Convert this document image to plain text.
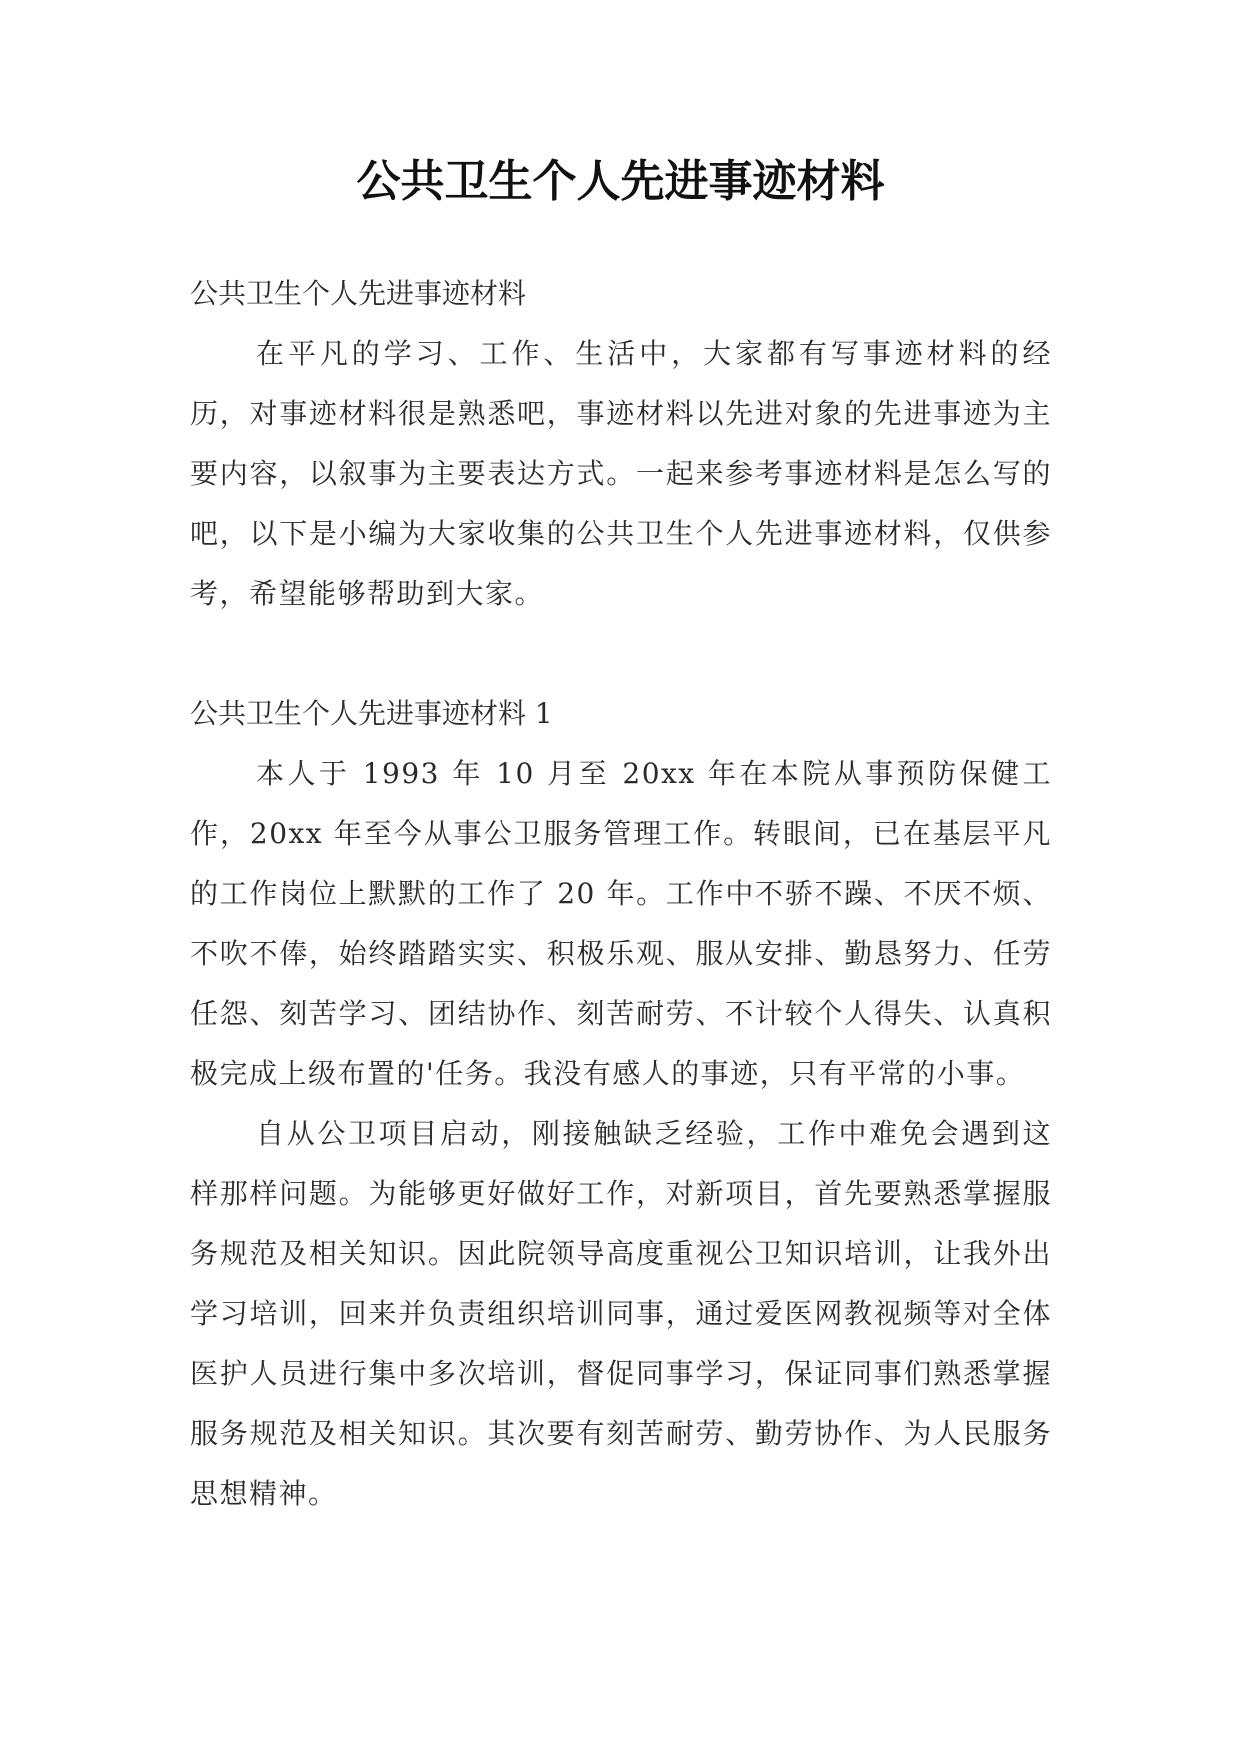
公共卫生个人先进事迹材料

公共卫生个人先进事迹材料

在平凡的学习、工作、生活中，大家都有写事迹材料的经历，对事迹材料很是熟悉吧，事迹材料以先进对象的先进事迹为主要内容，以叙事为主要表达方式。一起来参考事迹材料是怎么写的吧，以下是小编为大家收集的公共卫生个人先进事迹材料，仅供参考，希望能够帮助到大家。

公共卫生个人先进事迹材料 1

本人于 1993 年 10 月至 20xx 年在本院从事预防保健工作，20xx 年至今从事公卫服务管理工作。转眼间，已在基层平凡的工作岗位上默默的工作了 20 年。工作中不骄不躁、不厌不烦、不吹不俸，始终踏踏实实、积极乐观、服从安排、勤恳努力、任劳任怨、刻苦学习、团结协作、刻苦耐劳、不计较个人得失、认真积极完成上级布置的'任务。我没有感人的事迹，只有平常的小事。

自从公卫项目启动，刚接触缺乏经验，工作中难免会遇到这样那样问题。为能够更好做好工作，对新项目，首先要熟悉掌握服务规范及相关知识。因此院领导高度重视公卫知识培训，让我外出学习培训，回来并负责组织培训同事，通过爱医网教视频等对全体医护人员进行集中多次培训，督促同事学习，保证同事们熟悉掌握服务规范及相关知识。其次要有刻苦耐劳、勤劳协作、为人民服务思想精神。
